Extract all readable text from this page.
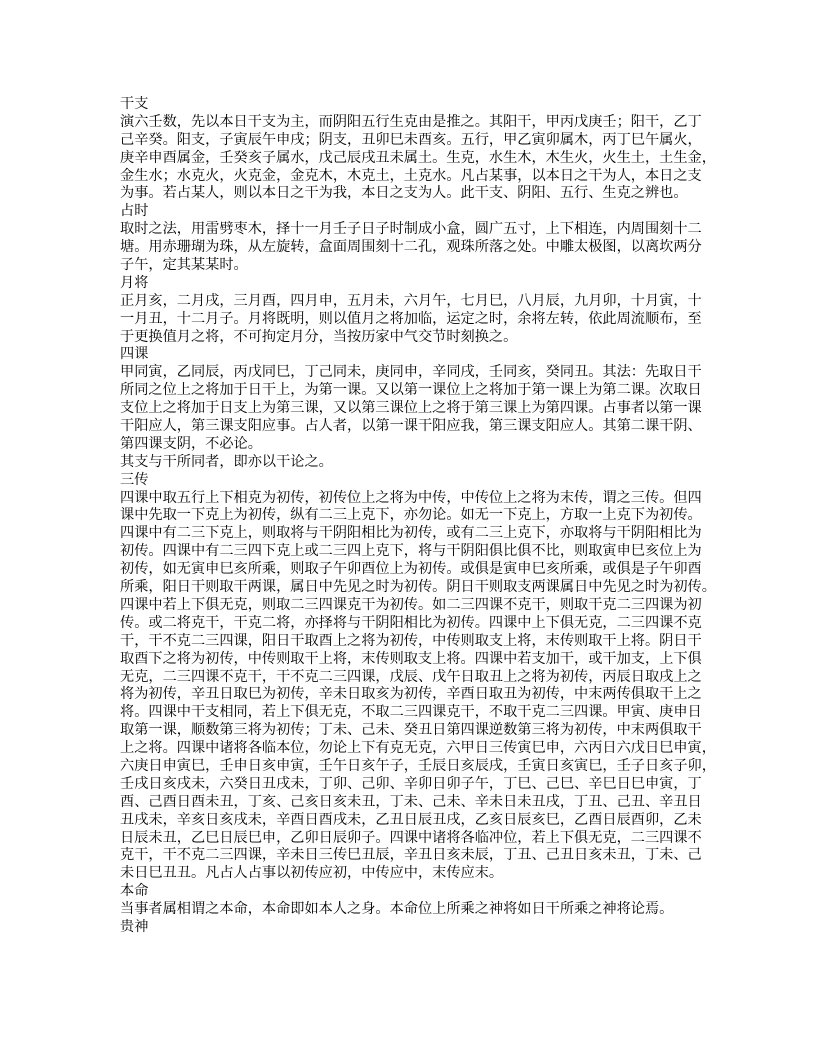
干支
演六壬数，先以本日干支为主，而阴阳五行生克由是推之。其阳干，甲丙戊庚壬；阳干，乙丁
己辛癸。阳支，子寅辰午申戌；阴支，丑卯巳未酉亥。五行，甲乙寅卯属木，丙丁巳午属火，
庚辛申酉属金，壬癸亥子属水，戊己辰戌丑未属土。生克，水生木，木生火，火生土，土生金，
金生水；水克火，火克金，金克木，木克土，土克水。凡占某事，以本日之干为人，本日之支
为事。若占某人，则以本日之干为我，本日之支为人。此干支、阴阳、五行、生克之辨也。
占时
取时之法，用雷劈枣木，择十一月壬子日子时制成小盒，圆广五寸，上下相连，内周围刻十二
塘。用赤珊瑚为珠，从左旋转，盒面周围刻十二孔，观珠所落之处。中雕太极图，以离坎两分
子午，定其某某时。
月将
正月亥，二月戌，三月酉，四月申，五月未，六月午，七月巳，八月辰，九月卯，十月寅，十
一月丑，十二月子。月将既明，则以值月之将加临，运定之时，余将左转，依此周流顺布，至
于更换值月之将，不可拘定月分，当按历家中气交节时刻换之。
四课
甲同寅，乙同辰，丙戊同巳，丁己同未，庚同申，辛同戌，壬同亥，癸同丑。其法：先取日干
所同之位上之将加于日干上，为第一课。又以第一课位上之将加于第一课上为第二课。次取日
支位上之将加于日支上为第三课，又以第三课位上之将于第三课上为第四课。占事者以第一课
干阳应人，第三课支阳应事。占人者，以第一课干阳应我，第三课支阳应人。其第二课干阴、
第四课支阴，不必论。
其支与干所同者，即亦以干论之。
三传
四课中取五行上下相克为初传，初传位上之将为中传，中传位上之将为末传，谓之三传。但四
课中先取一下克上为初传，纵有二三上克下，亦勿论。如无一下克上，方取一上克下为初传。
四课中有二三下克上，则取将与干阴阳相比为初传，或有二三上克下，亦取将与干阴阳相比为
初传。四课中有二三四下克上或二三四上克下，将与干阴阳俱比俱不比，则取寅申巳亥位上为
初传，如无寅申巳亥所乘，则取子午卯酉位上为初传。或俱是寅申巳亥所乘，或俱是子午卯酉
所乘，阳日干则取干两课，属日中先见之时为初传。阴日干则取支两课属日中先见之时为初传。
四课中若上下俱无克，则取二三四课克干为初传。如二三四课不克干，则取干克二三四课为初
传。或二将克干，干克二将，亦择将与干阴阳相比为初传。四课中上下俱无克，二三四课不克
干，干不克二三四课，阳日干取酉上之将为初传，中传则取支上将，末传则取干上将。阴日干
取酉下之将为初传，中传则取干上将，末传则取支上将。四课中若支加干，或干加支，上下俱
无克，二三四课不克干，干不克二三四课，戊辰、戊午日取丑上之将为初传，丙辰日取戌上之
将为初传，辛丑日取巳为初传，辛未日取亥为初传，辛酉日取丑为初传，中末两传俱取干上之
将。四课中干支相同，若上下俱无克，不取二三四课克干，不取干克二三四课。甲寅、庚申日
取第一课，顺数第三将为初传；丁未、己未、癸丑日第四课逆数第三将为初传，中末两俱取干
上之将。四课中诸将各临本位，勿论上下有克无克，六甲日三传寅巳申，六丙日六戊日巳申寅，
六庚日申寅巳，壬申日亥申寅，壬午日亥午子，壬辰日亥辰戌，壬寅日亥寅巳，壬子日亥子卯，
壬戌日亥戌未，六癸日丑戌未，丁卯、己卯、辛卯日卯子午，丁巳、己巳、辛巳日巳申寅，丁
酉、己酉日酉未丑，丁亥、己亥日亥未丑，丁未、己未、辛未日未丑戌，丁丑、己丑、辛丑日
丑戌未，辛亥日亥戌未，辛酉日酉戌未，乙丑日辰丑戌，乙亥日辰亥巳，乙酉日辰酉卯，乙未
日辰未丑，乙巳日辰巳申，乙卯日辰卯子。四课中诸将各临冲位，若上下俱无克，二三四课不
克干，干不克二三四课，辛未日三传巳丑辰，辛丑日亥未辰，丁丑、己丑日亥未丑，丁未、己
未日巳丑丑。凡占人占事以初传应初，中传应中，末传应末。
本命
当事者属相谓之本命，本命即如本人之身。本命位上所乘之神将如日干所乘之神将论焉。
贵神
